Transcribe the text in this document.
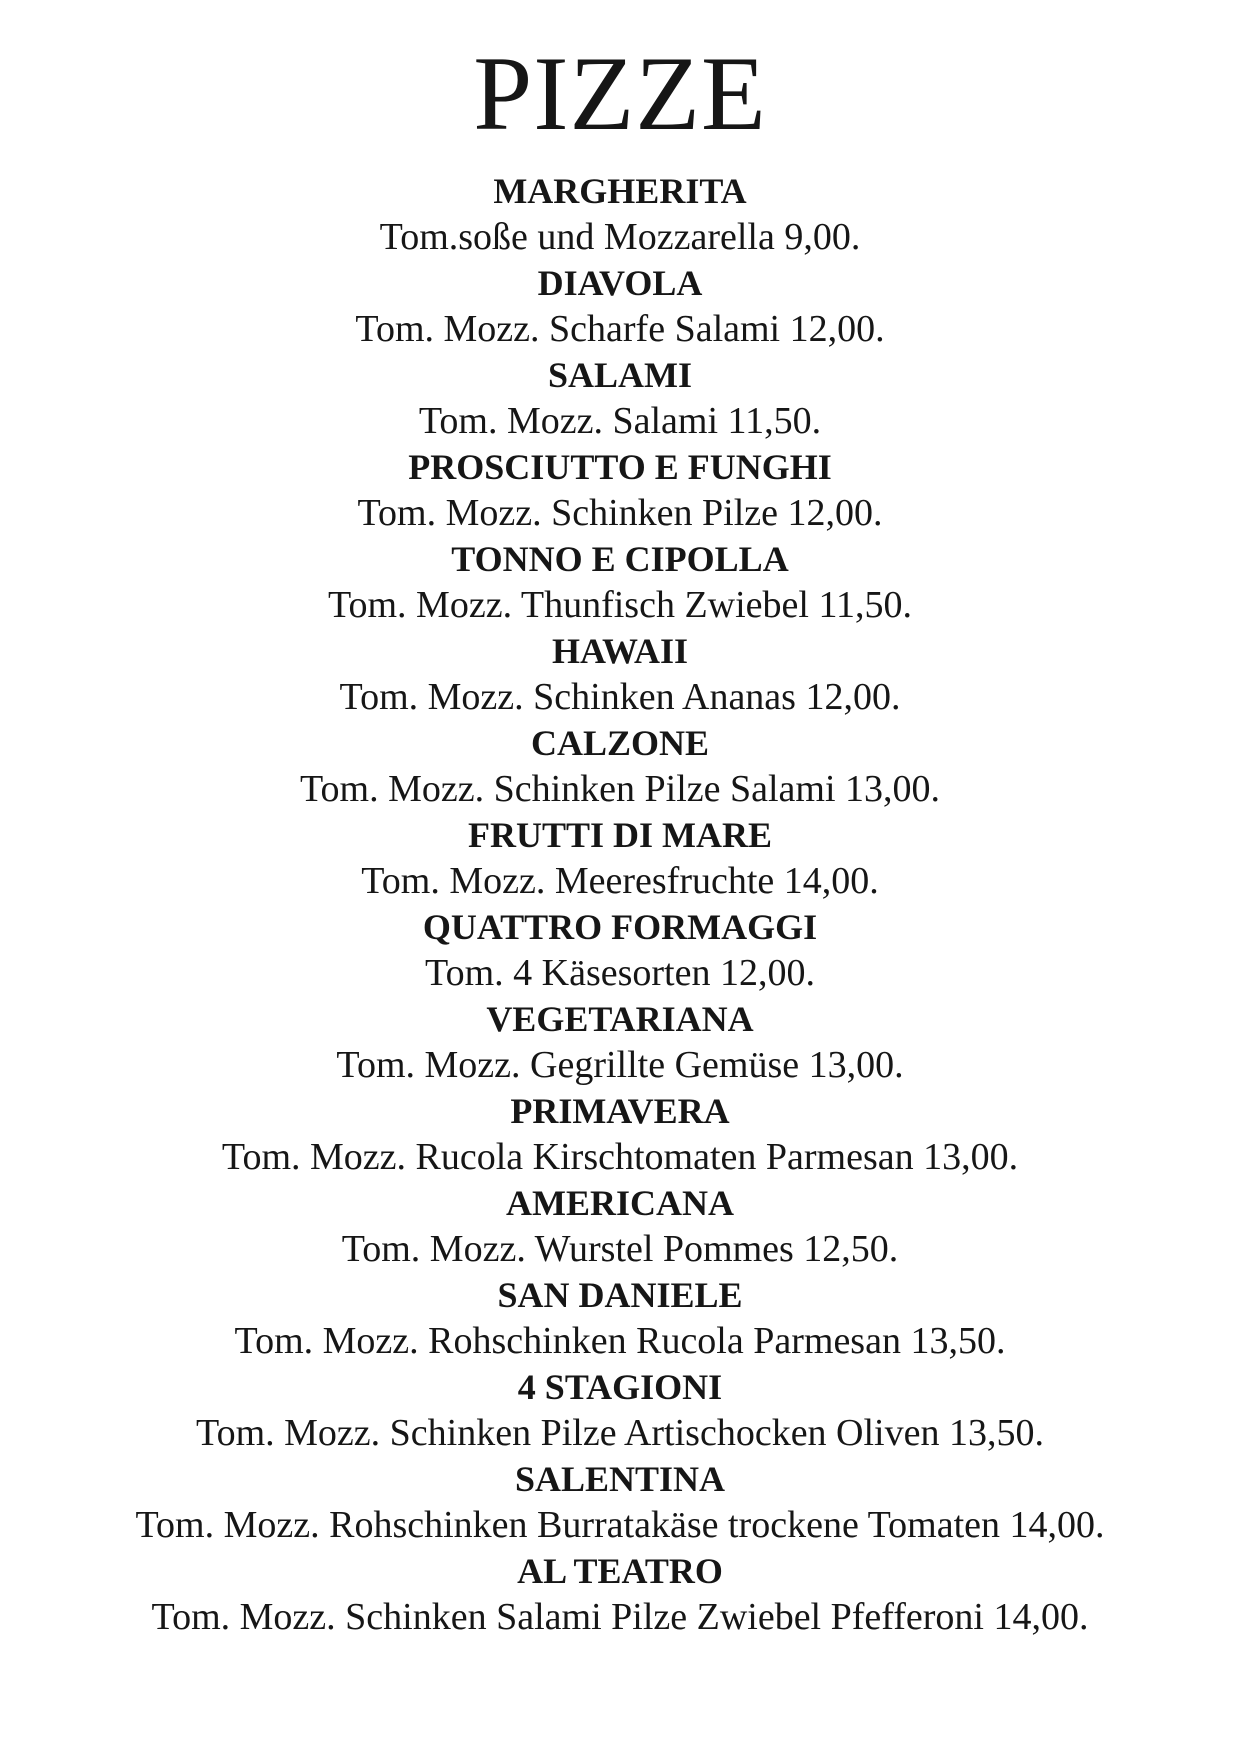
PIZZE
MARGHERITA
Tom.soße und Mozzarella 9,00.
DIAVOLA
Tom. Mozz. Scharfe Salami 12,00.
SALAMI
Tom. Mozz. Salami 11,50.
PROSCIUTTO E FUNGHI
Tom. Mozz. Schinken Pilze 12,00.
TONNO E CIPOLLA
Tom. Mozz. Thunfisch Zwiebel 11,50.
HAWAII
Tom. Mozz. Schinken Ananas 12,00.
CALZONE
Tom. Mozz. Schinken Pilze Salami 13,00.
FRUTTI DI MARE
Tom. Mozz. Meeresfruchte 14,00.
QUATTRO FORMAGGI
Tom. 4 Käsesorten 12,00.
VEGETARIANA
Tom. Mozz. Gegrillte Gemüse 13,00.
PRIMAVERA
Tom. Mozz. Rucola Kirschtomaten Parmesan 13,00.
AMERICANA
Tom. Mozz. Wurstel Pommes 12,50.
SAN DANIELE
Tom. Mozz. Rohschinken Rucola Parmesan 13,50.
4 STAGIONI
Tom. Mozz. Schinken Pilze Artischocken Oliven 13,50.
SALENTINA
Tom. Mozz. Rohschinken Burratakäse trockene Tomaten 14,00.
AL TEATRO
Tom. Mozz. Schinken Salami Pilze Zwiebel Pfefferoni 14,00.
